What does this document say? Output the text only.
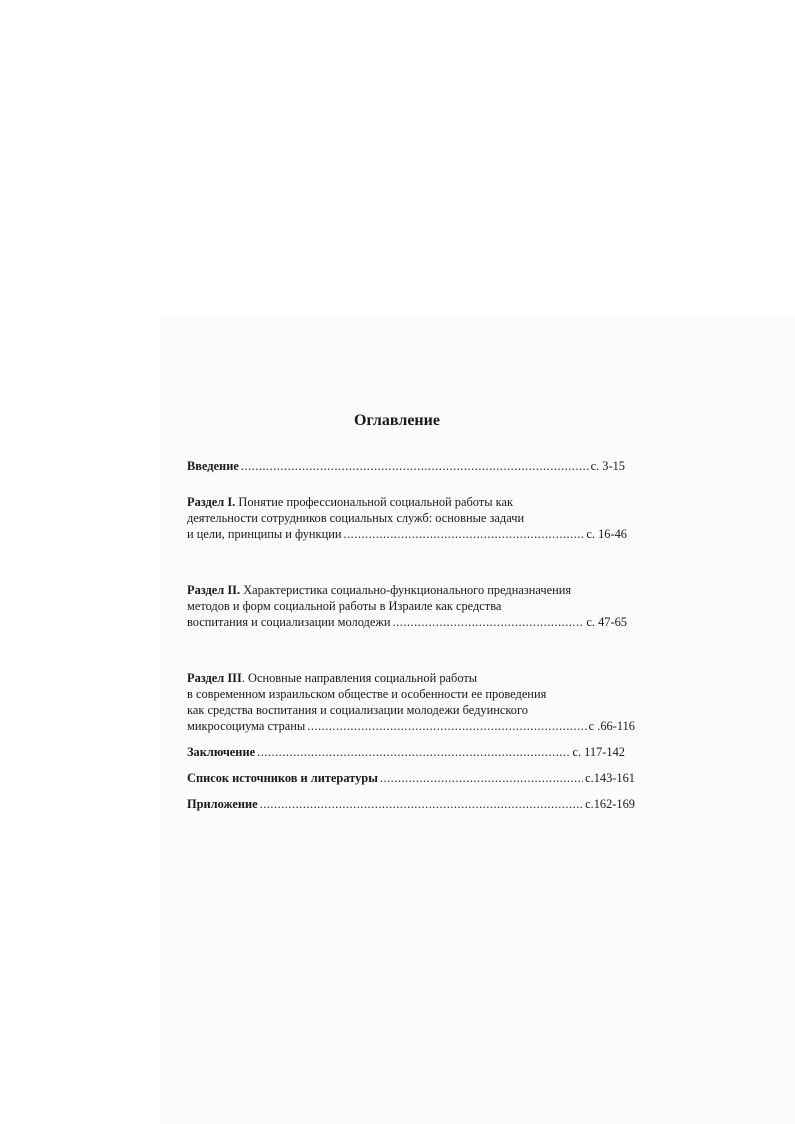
Оглавление
Введение .....	с. 3-15
Раздел I. Понятие профессиональной социальной работы как
деятельности сотрудников социальных служб: основные задачи
и цели, принципы и функции .....	с. 16-46
Раздел II. Характеристика социально-функционального предназначения
методов и форм социальной работы в Израиле как средства
воспитания и социализации молодежи .....	с. 47-65
Раздел III. Основные направления социальной работы
в современном израильском обществе и особенности ее проведения
как средства воспитания и социализации молодежи бедуинского
микросоциума страны .....	с .66-116
Заключение .....	с. 117-142
Список источников и литературы .....	с.143-161
Приложение .....	с.162-169
